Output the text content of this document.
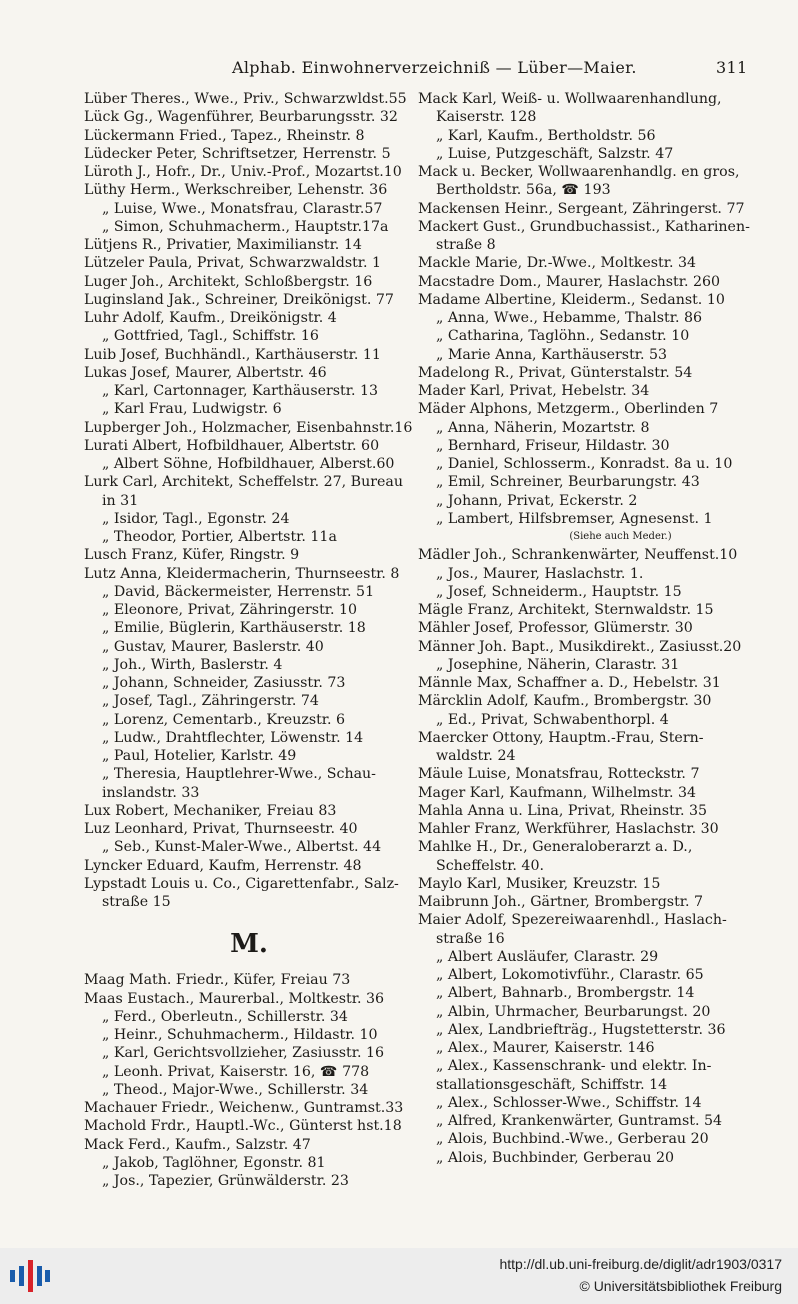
Alphab. Einwohnerverzeichniß — Lüber—Maier.	311
Lüber Theres., Wwe., Priv., Schwarzwldst.55
Lück Gg., Wagenführer, Beurbarungsstr. 32
Lückermann Fried., Tapez., Rheinstr. 8
Lüdecker Peter, Schriftsetzer, Herrenstr. 5
Lüroth J., Hofr., Dr., Univ.-Prof., Mozartst.10
Lüthy Herm., Werkschreiber, Lehenstr. 36
„ Luise, Wwe., Monatsfrau, Clarastr.57
„ Simon, Schuhmacherm., Hauptstr.17a
Lütjens R., Privatier, Maximilianstr. 14
Lützeler Paula, Privat, Schwarzwaldstr. 1
Luger Joh., Architekt, Schloßbergstr. 16
Luginsland Jak., Schreiner, Dreikönigst. 77
Luhr Adolf, Kaufm., Dreikönigstr. 4
„ Gottfried, Tagl., Schiffstr. 16
Luib Josef, Buchhändl., Karthäuserstr. 11
Lukas Josef, Maurer, Albertstr. 46
„ Karl, Cartonnager, Karthäuserstr. 13
„ Karl Frau, Ludwigstr. 6
Lupberger Joh., Holzmacher, Eisenbahnstr.16
Lurati Albert, Hofbildhauer, Albertstr. 60
„ Albert Söhne, Hofbildhauer, Alberst.60
Lurk Carl, Architekt, Scheffelstr. 27, Bureau
in 31
„ Isidor, Tagl., Egonstr. 24
„ Theodor, Portier, Albertstr. 11a
Lusch Franz, Küfer, Ringstr. 9
Lutz Anna, Kleidermacherin, Thurnseestr. 8
„ David, Bäckermeister, Herrenstr. 51
„ Eleonore, Privat, Zähringerstr. 10
„ Emilie, Büglerin, Karthäuserstr. 18
„ Gustav, Maurer, Baslerstr. 40
„ Joh., Wirth, Baslerstr. 4
„ Johann, Schneider, Zasiusstr. 73
„ Josef, Tagl., Zähringerstr. 74
„ Lorenz, Cementarb., Kreuzstr. 6
„ Ludw., Drahtflechter, Löwenstr. 14
„ Paul, Hotelier, Karlstr. 49
„ Theresia, Hauptlehrer-Wwe., Schau-
inslandstr. 33
Lux Robert, Mechaniker, Freiau 83
Luz Leonhard, Privat, Thurnseestr. 40
„ Seb., Kunst-Maler-Wwe., Albertst. 44
Lyncker Eduard, Kaufm, Herrenstr. 48
Lypstadt Louis u. Co., Cigarettenfabr., Salz-
straße 15
M.
Maag Math. Friedr., Küfer, Freiau 73
Maas Eustach., Maurerbal., Moltkestr. 36
„ Ferd., Oberleutn., Schillerstr. 34
„ Heinr., Schuhmacherm., Hildastr. 10
„ Karl, Gerichtsvollzieher, Zasiusstr. 16
„ Leonh. Privat, Kaiserstr. 16, ☎ 778
„ Theod., Major-Wwe., Schillerstr. 34
Machauer Friedr., Weichenw., Guntramst.33
Machold Frdr., Hauptl.-Wc., Günterst hst.18
Mack Ferd., Kaufm., Salzstr. 47
„ Jakob, Taglöhner, Egonstr. 81
„ Jos., Tapezier, Grünwälderstr. 23
Mack Karl, Weiß- u. Wollwaarenhandlung,
Kaiserstr. 128
„ Karl, Kaufm., Bertholdstr. 56
„ Luise, Putzgeschäft, Salzstr. 47
Mack u. Becker, Wollwaarenhandlg. en gros,
Bertholdstr. 56a, ☎ 193
Mackensen Heinr., Sergeant, Zähringerst. 77
Mackert Gust., Grundbuchassist., Katharinen-
straße 8
Mackle Marie, Dr.-Wwe., Moltkestr. 34
Macstadre Dom., Maurer, Haslachstr. 260
Madame Albertine, Kleiderm., Sedanst. 10
„ Anna, Wwe., Hebamme, Thalstr. 86
„ Catharina, Taglöhn., Sedanstr. 10
„ Marie Anna, Karthäuserstr. 53
Madelong R., Privat, Günterstalstr. 54
Mader Karl, Privat, Hebelstr. 34
Mäder Alphons, Metzgerm., Oberlinden 7
„ Anna, Näherin, Mozartstr. 8
„ Bernhard, Friseur, Hildastr. 30
„ Daniel, Schlosserm., Konradst. 8a u. 10
„ Emil, Schreiner, Beurbarungstr. 43
„ Johann, Privat, Eckerstr. 2
„ Lambert, Hilfsbremser, Agnesenst. 1
(Siehe auch Meder.)
Mädler Joh., Schrankenwärter, Neuffenst.10
„ Jos., Maurer, Haslachstr. 1.
„ Josef, Schneiderm., Hauptstr. 15
Mägle Franz, Architekt, Sternwaldstr. 15
Mähler Josef, Professor, Glümerstr. 30
Männer Joh. Bapt., Musikdirekt., Zasiusst.20
„ Josephine, Näherin, Clarastr. 31
Männle Max, Schaffner a. D., Hebelstr. 31
Märcklin Adolf, Kaufm., Brombergstr. 30
„ Ed., Privat, Schwabenthorpl. 4
Maercker Ottony, Hauptm.-Frau, Stern-
waldstr. 24
Mäule Luise, Monatsfrau, Rotteckstr. 7
Mager Karl, Kaufmann, Wilhelmstr. 34
Mahla Anna u. Lina, Privat, Rheinstr. 35
Mahler Franz, Werkführer, Haslachstr. 30
Mahlke H., Dr., Generaloberarzt a. D.,
Scheffelstr. 40.
Maylo Karl, Musiker, Kreuzstr. 15
Maibrunn Joh., Gärtner, Brombergstr. 7
Maier Adolf, Spezereiwaarenhdl., Haslach-
straße 16
„ Albert Ausläufer, Clarastr. 29
„ Albert, Lokomotivführ., Clarastr. 65
„ Albert, Bahnarb., Brombergstr. 14
„ Albin, Uhrmacher, Beurbarungst. 20
„ Alex, Landbriefträg., Hugstetterstr. 36
„ Alex., Maurer, Kaiserstr. 146
„ Alex., Kassenschrank- und elektr. In-
stallationsgeschäft, Schiffstr. 14
„ Alex., Schlosser-Wwe., Schiffstr. 14
„ Alfred, Krankenwärter, Guntramst. 54
„ Alois, Buchbind.-Wwe., Gerberau 20
„ Alois, Buchbinder, Gerberau 20
http://dl.ub.uni-freiburg.de/diglit/adr1903/0317
© Universitätsbibliothek Freiburg
